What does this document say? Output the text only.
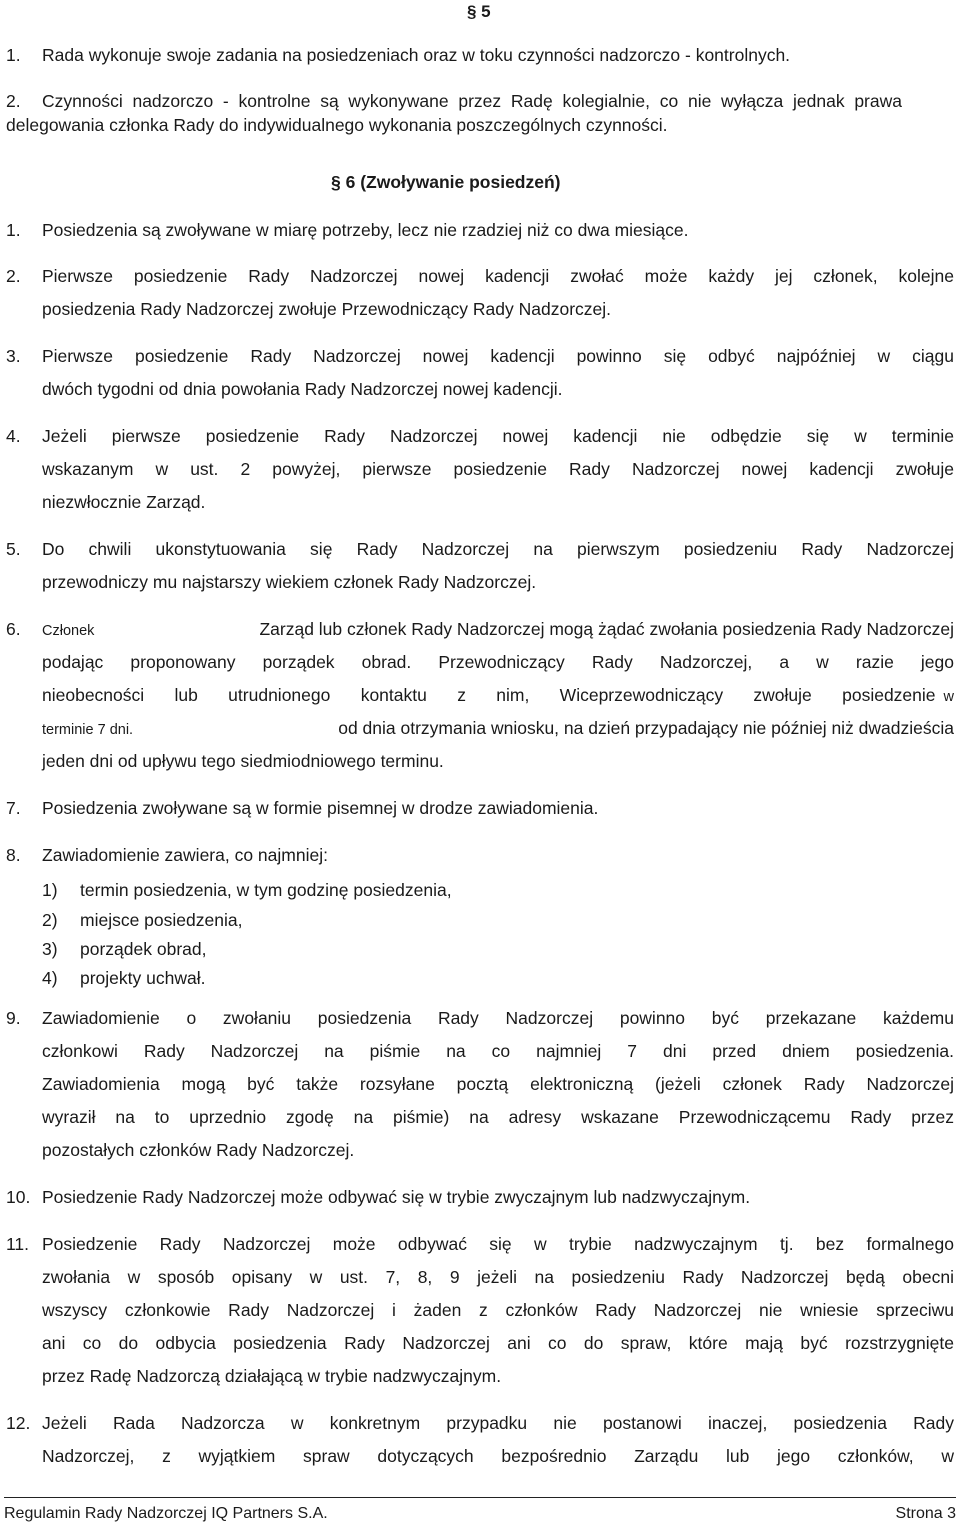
§ 5
1. Rada wykonuje swoje zadania na posiedzeniach oraz w toku czynności nadzorczo - kontrolnych.
2. Czynności nadzorczo - kontrolne są wykonywane przez Radę kolegialnie, co nie wyłącza jednak prawa
delegowania członka Rady do indywidualnego wykonania poszczególnych czynności.
§ 6 (Zwoływanie posiedzeń)
1. Posiedzenia są zwoływane w miarę potrzeby, lecz nie rzadziej niż co dwa miesiące.
2. Pierwsze posiedzenie Rady Nadzorczej nowej kadencji zwołać może każdy jej członek, kolejne
posiedzenia Rady Nadzorczej zwołuje Przewodniczący Rady Nadzorczej.
3. Pierwsze posiedzenie Rady Nadzorczej nowej kadencji powinno się odbyć najpóźniej w ciągu
dwóch tygodni od dnia powołania Rady Nadzorczej nowej kadencji.
4. Jeżeli pierwsze posiedzenie Rady Nadzorczej nowej kadencji nie odbędzie się w terminie
wskazanym w ust. 2 powyżej, pierwsze posiedzenie Rady Nadzorczej nowej kadencji zwołuje
niezwłocznie Zarząd.
5. Do chwili ukonstytuowania się Rady Nadzorczej na pierwszym posiedzeniu Rady Nadzorczej
przewodniczy mu najstarszy wiekiem członek Rady Nadzorczej.
6. Członek	Zarząd lub członek Rady Nadzorczej mogą żądać zwołania posiedzenia Rady Nadzorczej
podając proponowany porządek obrad. Przewodniczący Rady Nadzorczej, a w razie jego
nieobecności lub utrudnionego kontaktu z nim, Wiceprzewodniczący zwołuje posiedzenie w
terminie 7 dni.	od dnia otrzymania wniosku, na dzień przypadający nie później niż dwadzieścia
jeden dni od upływu tego siedmiodniowego terminu.
7. Posiedzenia zwoływane są w formie pisemnej w drodze zawiadomienia.
8. Zawiadomienie zawiera, co najmniej:
1) termin posiedzenia, w tym godzinę posiedzenia,
2) miejsce posiedzenia,
3) porządek obrad,
4) projekty uchwał.
9. Zawiadomienie o zwołaniu posiedzenia Rady Nadzorczej powinno być przekazane każdemu
członkowi Rady Nadzorczej na piśmie na co najmniej 7 dni przed dniem posiedzenia.
Zawiadomienia mogą być także rozsyłane pocztą elektroniczną (jeżeli członek Rady Nadzorczej
wyraził na to uprzednio zgodę na piśmie) na adresy wskazane Przewodniczącemu Rady przez
pozostałych członków Rady Nadzorczej.
10. Posiedzenie Rady Nadzorczej może odbywać się w trybie zwyczajnym lub nadzwyczajnym.
11. Posiedzenie Rady Nadzorczej może odbywać się w trybie nadzwyczajnym tj. bez formalnego
zwołania w sposób opisany w ust. 7, 8, 9 jeżeli na posiedzeniu Rady Nadzorczej będą obecni
wszyscy członkowie Rady Nadzorczej i żaden z członków Rady Nadzorczej nie wniesie sprzeciwu
ani co do odbycia posiedzenia Rady Nadzorczej ani co do spraw, które mają być rozstrzygnięte
przez Radę Nadzorczą działającą w trybie nadzwyczajnym.
12. Jeżeli Rada Nadzorcza w konkretnym przypadku nie postanowi inaczej, posiedzenia Rady
Nadzorczej, z wyjątkiem spraw dotyczących bezpośrednio Zarządu lub jego członków, w
Regulamin Rady Nadzorczej IQ Partners S.A.	Strona 3
